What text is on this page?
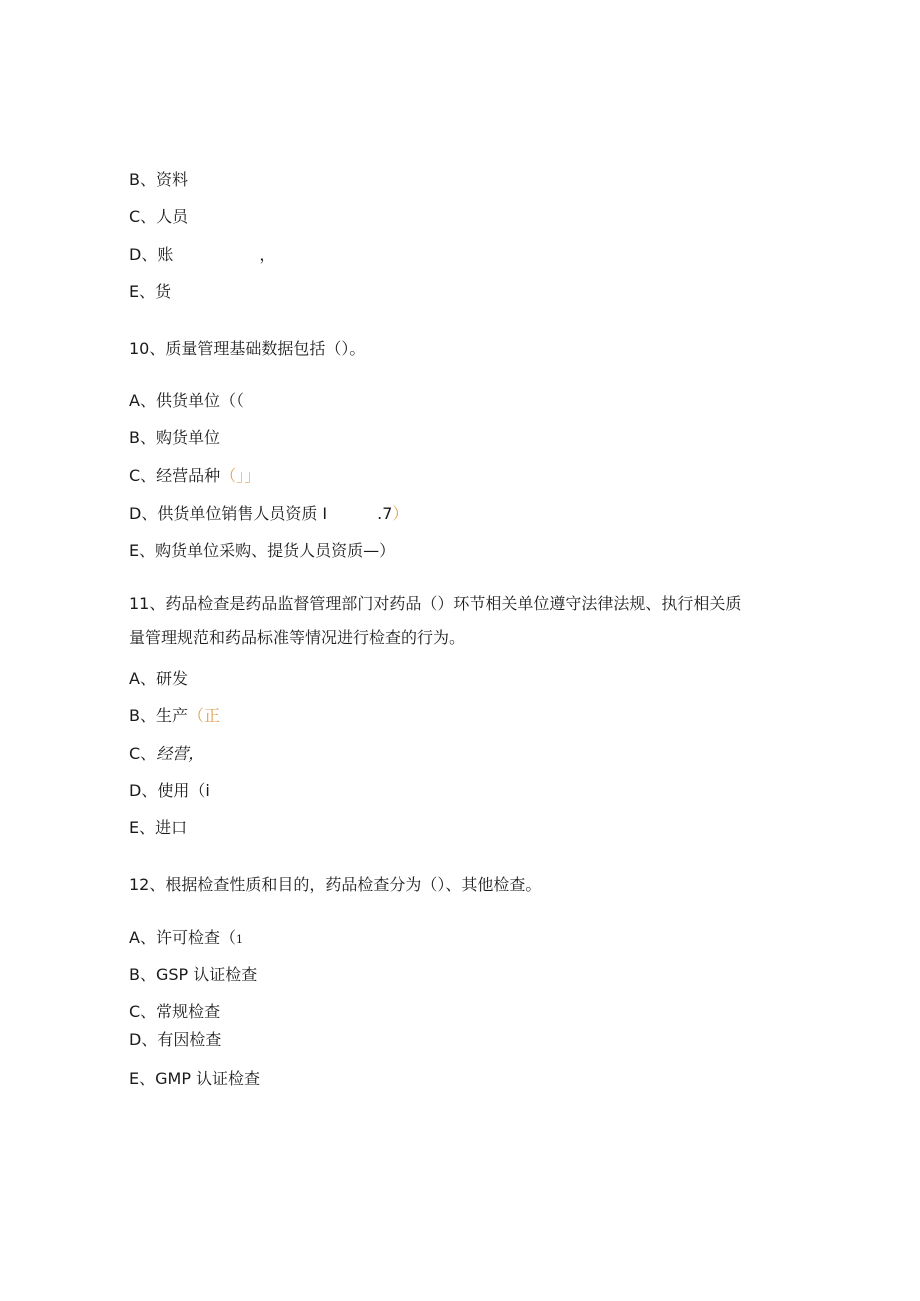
B、资料
C、人员
D、账	，
E、货
10、质量管理基础数据包括（）。
A、供货单位（（
B、购货单位
C、经营品种（」」
D、供货单位销售人员资质 I	.7）
E、购货单位采购、提货人员资质—）
11、药品检查是药品监督管理部门对药品（）环节相关单位遵守法律法规、执行相关质
量管理规范和药品标准等情况进行检查的行为。
A、研发
B、生产（正
C、经营，
D、使用（i
E、进口
12、根据检查性质和目的，药品检查分为（）、其他检查。
A、许可检查（1
B、GSP 认证检查
C、常规检查
D、有因检查
E、GMP 认证检查
